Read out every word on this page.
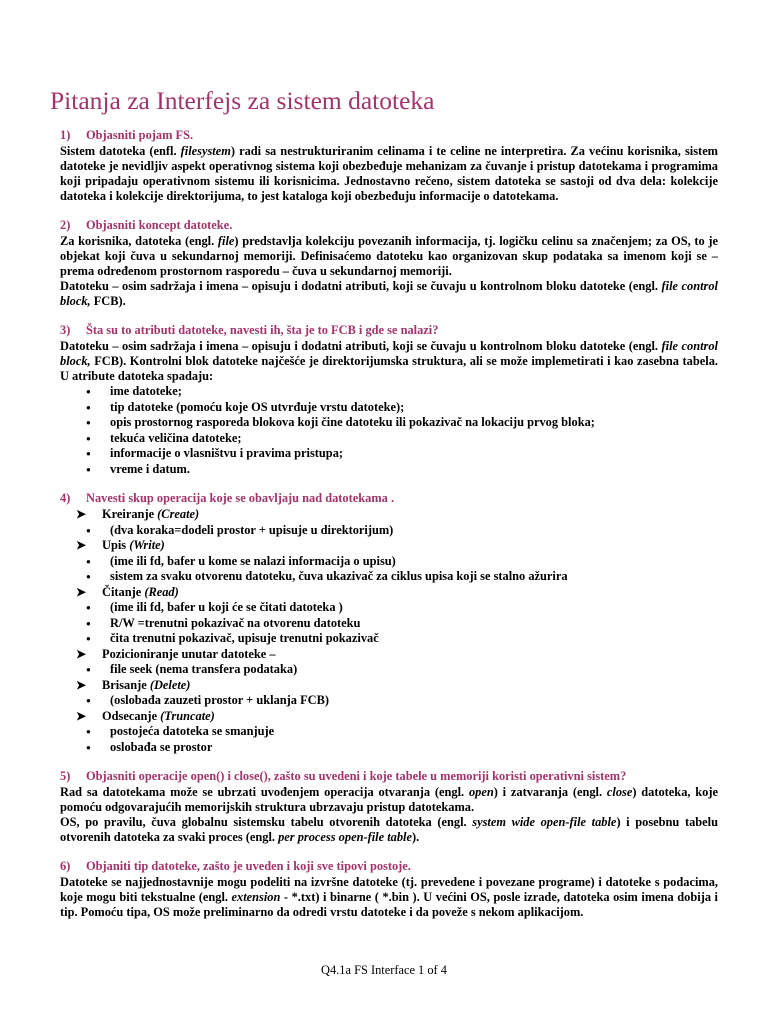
Pitanja za Interfejs za sistem datoteka

1) Objasniti pojam FS.

Sistem datoteka (enfl. filesystem) radi sa nestrukturiranim celinama i te celine ne interpretira. Za većinu korisnika, sistem datoteke je nevidljiv aspekt operativnog sistema koji obezbeđuje mehanizam za čuvanje i pristup datotekama i programima koji pripadaju operativnom sistemu ili korisnicima. Jednostavno rečeno, sistem datoteka se sastoji od dva dela: kolekcije datoteka i kolekcije direktorijuma, to jest kataloga koji obezbeđuju informacije o datotekama.

2) Objasniti koncept datoteke.

Za korisnika, datoteka (engl. file) predstavlja kolekciju povezanih informacija, tj. logičku celinu sa značenjem; za OS, to je objekat koji čuva u sekundarnoj memoriji. Definisaćemo datoteku kao organizovan skup podataka sa imenom koji se – prema određenom prostornom rasporedu – čuva u sekundarnoj memoriji.

Datoteku – osim sadržaja i imena – opisuju i dodatni atributi, koji se čuvaju u kontrolnom bloku datoteke (engl. file control block, FCB).

3) Šta su to atributi datoteke, navesti ih, šta je to FCB i gde se nalazi?

Datoteku – osim sadržaja i imena – opisuju i dodatni atributi, koji se čuvaju u kontrolnom bloku datoteke (engl. file control block, FCB). Kontrolni blok datoteke najčešće je direktorijumska struktura, ali se može implemetirati i kao zasebna tabela. U atribute datoteka spadaju:

● ime datoteke;
● tip datoteke (pomoću koje OS utvrđuje vrstu datoteke);
● opis prostornog rasporeda blokova koji čine datoteku ili pokazivač na lokaciju prvog bloka;
● tekuća veličina datoteke;
● informacije o vlasništvu i pravima pristupa;
● vreme i datum.

4) Navesti skup operacija koje se obavljaju nad datotekama .

➤ Kreiranje (Create)
● (dva koraka=dodeli prostor + upisuje u direktorijum)
➤ Upis (Write)
● (ime ili fd, bafer u kome se nalazi informacija o upisu)
● sistem za svaku otvorenu datoteku, čuva ukazivač za ciklus upisa koji se stalno ažurira
➤ Čitanje (Read)
● (ime ili fd, bafer u koji će se čitati datoteka )
● R/W =trenutni pokazivač na otvorenu datoteku
● čita trenutni pokazivač, upisuje trenutni pokazivač
➤ Pozicioniranje unutar datoteke –
● file seek (nema transfera podataka)
➤ Brisanje (Delete)
● (oslobađa zauzeti prostor + uklanja FCB)
➤ Odsecanje (Truncate)
● postojeća datoteka se smanjuje
● oslobađa se prostor

5) Objasniti operacije open() i close(), zašto su uvedeni i koje tabele u memoriji koristi operativni sistem?

Rad sa datotekama može se ubrzati uvođenjem operacija otvaranja (engl. open) i zatvaranja (engl. close) datoteka, koje pomoću odgovarajućih memorijskih struktura ubrzavaju pristup datotekama.

OS, po pravilu, čuva globalnu sistemsku tabelu otvorenih datoteka (engl. system wide open-file table) i posebnu tabelu otvorenih datoteka za svaki proces (engl. per process open-file table).

6) Objaniti tip datoteke, zašto je uveden i koji sve tipovi postoje.

Datoteke se najjednostavnije mogu podeliti na izvršne datoteke (tj. prevedene i povezane programe) i datoteke s podacima, koje mogu biti tekstualne (engl. extension - *.txt) i binarne ( *.bin ). U većini OS, posle izrade, datoteka osim imena dobija i tip. Pomoću tipa, OS može preliminarno da odredi vrstu datoteke i da poveže s nekom aplikacijom.

Q4.1a FS Interface 1 of 4
